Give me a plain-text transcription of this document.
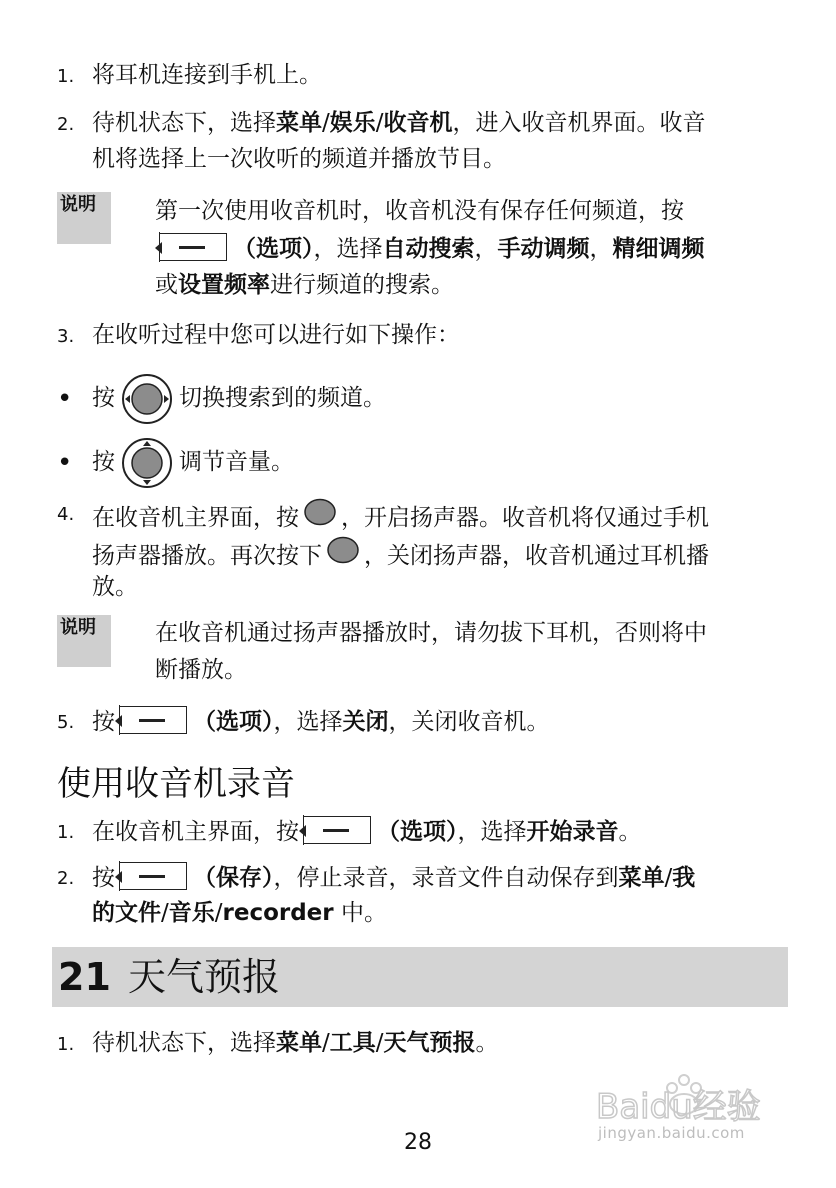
1. 将耳机连接到手机上。
2. 待机状态下，选择菜单/娱乐/收音机，进入收音机界面。收音
机将选择上一次收听的频道并播放节目。
说明	第一次使用收音机时，收音机没有保存任何频道，按
（选项），选择自动搜索，手动调频，精细调频
或设置频率进行频道的搜索。
3. 在收听过程中您可以进行如下操作：
• 按	切换搜索到的频道。
• 按	调节音量。
4. 在收音机主界面，按 ，开启扬声器。收音机将仅通过手机
扬声器播放。再次按下 ，关闭扬声器，收音机通过耳机播
放。
说明	在收音机通过扬声器播放时，请勿拔下耳机，否则将中
断播放。
5. 按	（选项），选择关闭，关闭收音机。
使用收音机录音
1. 在收音机主界面，按	（选项），选择开始录音。
2. 按	（保存），停止录音，录音文件自动保存到菜单/我
的文件/音乐/recorder 中。
21 天气预报
1. 待机状态下，选择菜单/工具/天气预报。
Baidu经验
jingyan.baidu.com
28
